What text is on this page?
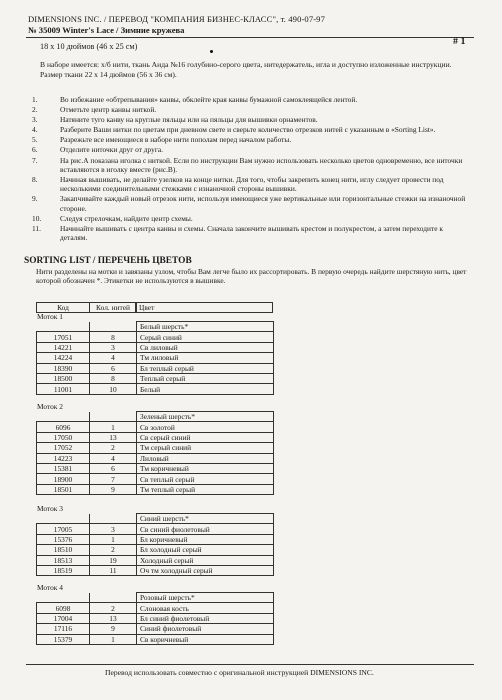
DIMENSIONS INC. / ПЕРЕВОД "КОМПАНИЯ БИЗНЕС-КЛАСС", т. 490-07-97
№ 35009 Winter's Lace / Зимние кружева
# 1
18 x 10 дюймов (46 x 25 см)
В наборе имеется: х/б нити, ткань Аида №16 голубино-серого цвета, нитедержатель, игла и доступно изложенные инструкции. Размер ткани 22 x 14 дюймов (56 x 36 см).
1.	Во избежание «обтрепывания» канвы, обклейте края канвы бумажной самоклеящейся лентой.
2.	Отметьте центр канвы ниткой.
3.	Натяните туго канву на круглые пяльцы или на пяльцы для вышивки орнаментов.
4.	Разберите Ваши нитки по цветам при дневном свете и сверьте количество отрезков нитей с указанным в «Sorting List».
5.	Разрежьте все имеющиеся в наборе нити пополам перед началом работы.
6.	Отделите ниточки друг от друга.
7.	На рис.А показана иголка с ниткой. Если по инструкции Вам нужно использовать несколько цветов одновременно, все ниточки вставляются в иголку вместе (рис.В).
8.	Начиная вышивать, не делайте узелков на конце нитки. Для того, чтобы закрепить конец нити, иглу следует провести под несколькими соединительными стежками с изнаночной стороны вышивки.
9.	Закапчивайте каждый новый отрезок нити, используя имеющиеся уже вертикальные или горизонтальные стежки на изнаночной стороне.
10.	Следуя стрелочкам, найдите центр схемы.
11.	Начинайте вышивать с центра канвы и схемы. Сначала закончите вышивать крестом и полукрестом, а затем переходите к деталям.
SORTING LIST / ПЕРЕЧЕНЬ ЦВЕТОВ
Нити разделены на мотки и завязаны узлом, чтобы Вам легче было их рассортировать. В первую очередь найдите шерстяную нить, цвет которой обозначен *. Этикетки не используются в вышивке.
Код	Кол. нитей	Цвет
Моток 1
		Белый шерсть*
17051	8	Серый синий
14221	3	Св лиловый
14224	4	Тм лиловый
18390	6	Бл теплый серый
18500	8	Теплый серый
11001	10	Белый
Моток 2
		Зеленый шерсть*
6096	1	Св золотой
17050	13	Св серый синий
17052	2	Тм серый синий
14223	4	Лиловый
15381	6	Тм коричневый
18900	7	Св теплый серый
18501	9	Тм теплый серый
Моток 3
		Синий шерсть*
17005	3	Св синий фиолетовый
15376	1	Бл коричневый
18510	2	Бл холодный серый
18513	19	Холодный серый
18519	11	Оч тм холодный серый
Моток 4
		Розовый шерсть*
6098	2	Слоновая кость
17004	13	Бл синий фиолетовый
17116	9	Синий фиолетовый
15379	1	Св коричневый
Перевод использовать совместно с оригинальной инструкцией DIMENSIONS INC.
